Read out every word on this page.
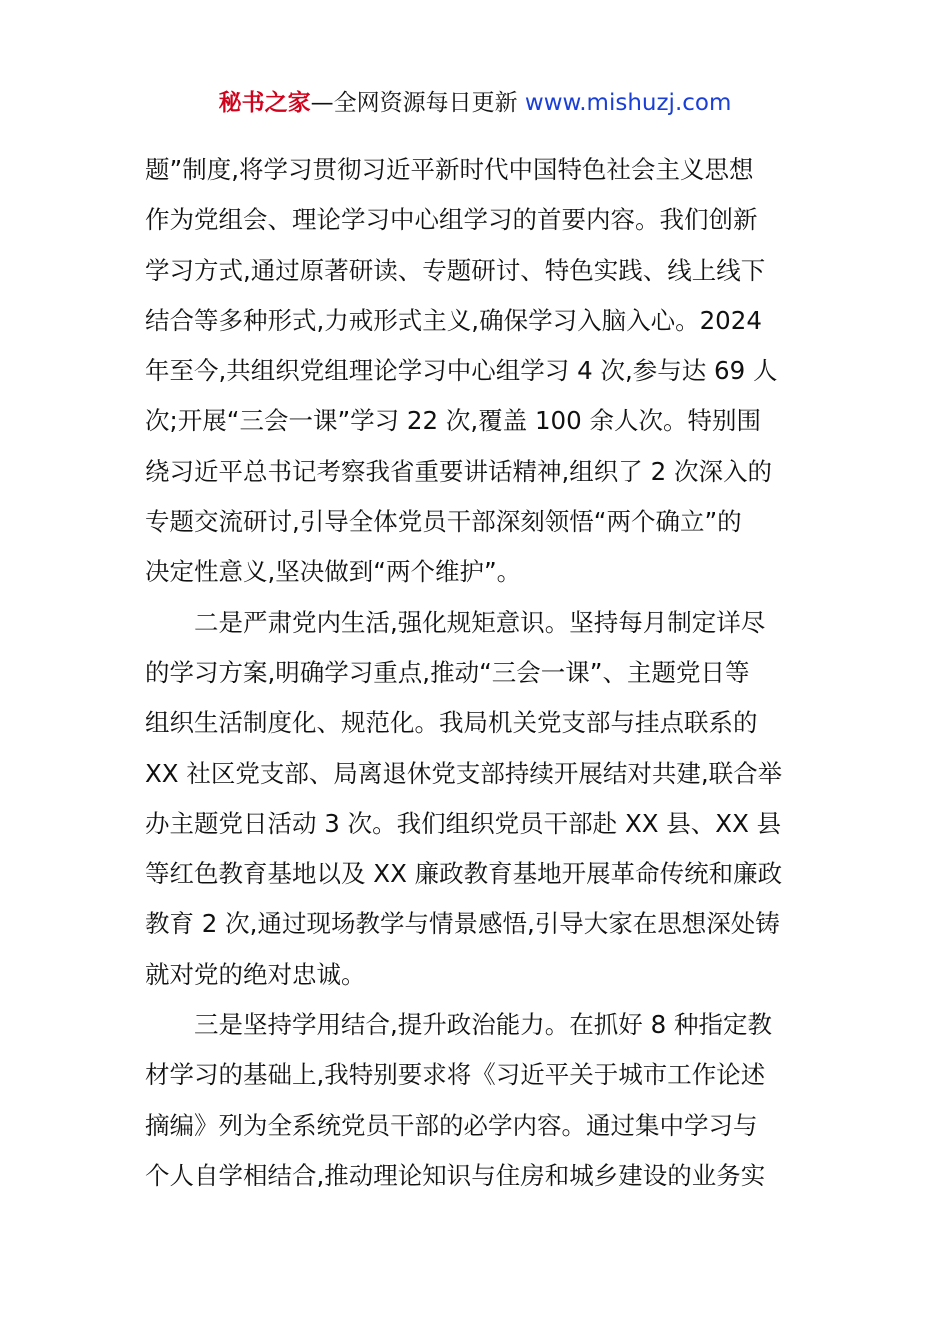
秘书之家—全网资源每日更新 www.mishuzj.com
题”制度,将学习贯彻习近平新时代中国特色社会主义思想
作为党组会、理论学习中心组学习的首要内容。我们创新
学习方式,通过原著研读、专题研讨、特色实践、线上线下
结合等多种形式,力戒形式主义,确保学习入脑入心。2024
年至今,共组织党组理论学习中心组学习 4 次,参与达 69 人
次;开展“三会一课”学习 22 次,覆盖 100 余人次。特别围
绕习近平总书记考察我省重要讲话精神,组织了 2 次深入的
专题交流研讨,引导全体党员干部深刻领悟“两个确立”的
决定性意义,坚决做到“两个维护”。
二是严肃党内生活,强化规矩意识。坚持每月制定详尽
的学习方案,明确学习重点,推动“三会一课”、主题党日等
组织生活制度化、规范化。我局机关党支部与挂点联系的
XX 社区党支部、局离退休党支部持续开展结对共建,联合举
办主题党日活动 3 次。我们组织党员干部赴 XX 县、XX 县
等红色教育基地以及 XX 廉政教育基地开展革命传统和廉政
教育 2 次,通过现场教学与情景感悟,引导大家在思想深处铸
就对党的绝对忠诚。
三是坚持学用结合,提升政治能力。在抓好 8 种指定教
材学习的基础上,我特别要求将《习近平关于城市工作论述
摘编》列为全系统党员干部的必学内容。通过集中学习与
个人自学相结合,推动理论知识与住房和城乡建设的业务实
